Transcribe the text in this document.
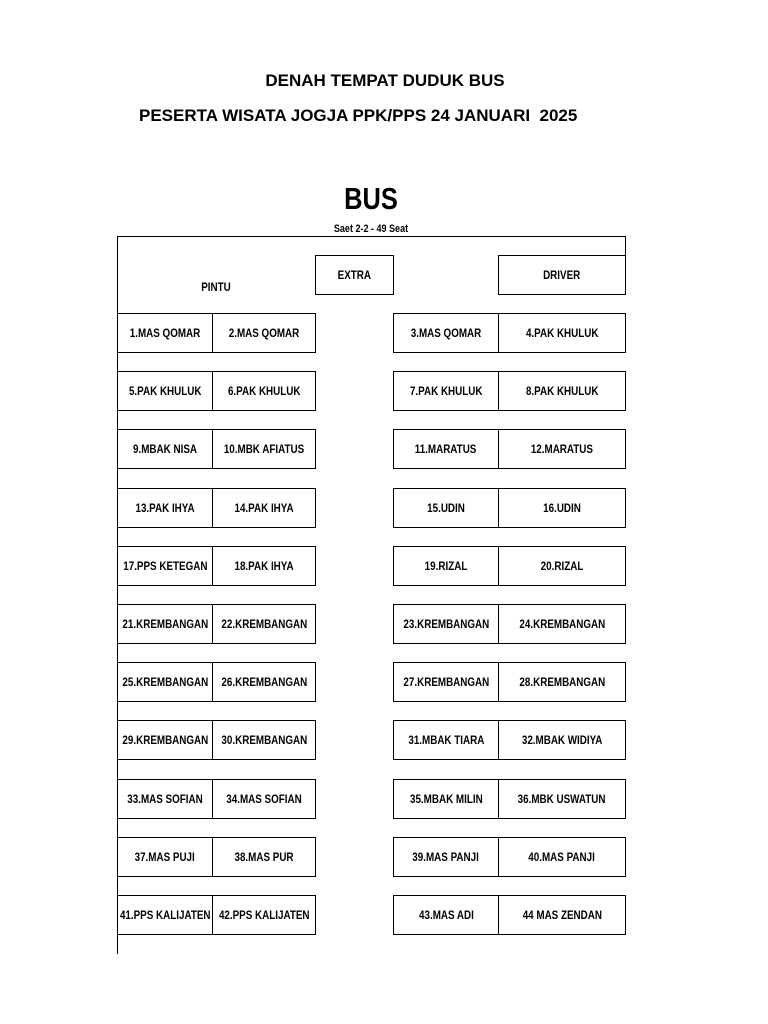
DENAH TEMPAT DUDUK BUS
PESERTA WISATA JOGJA PPK/PPS 24 JANUARI  2025
BUS
Saet 2-2 - 49 Seat
PINTU
EXTRA	DRIVER
1.MAS QOMAR 2.MAS QOMAR	3.MAS QOMAR	4.PAK KHULUK
5.PAK KHULUK 6.PAK KHULUK	7.PAK KHULUK	8.PAK KHULUK
9.MBAK NISA 10.MBK AFIATUS	11.MARATUS	12.MARATUS
13.PAK IHYA	14.PAK IHYA	15.UDIN	16.UDIN
17.PPS KETEGAN 18.PAK IHYA	19.RIZAL	20.RIZAL
21.KREMBANGAN 22.KREMBANGAN	23.KREMBANGAN	24.KREMBANGAN
25.KREMBANGAN 26.KREMBANGAN	27.KREMBANGAN	28.KREMBANGAN
29.KREMBANGAN 30.KREMBANGAN	31.MBAK TIARA	32.MBAK WIDIYA
33.MAS SOFIAN 34.MAS SOFIAN	35.MBAK MILIN	36.MBK USWATUN
37.MAS PUJI	38.MAS PUR	39.MAS PANJI	40.MAS PANJI
41.PPS KALIJATEN 42.PPS KALIJATEN	43.MAS ADI	44 MAS ZENDAN
